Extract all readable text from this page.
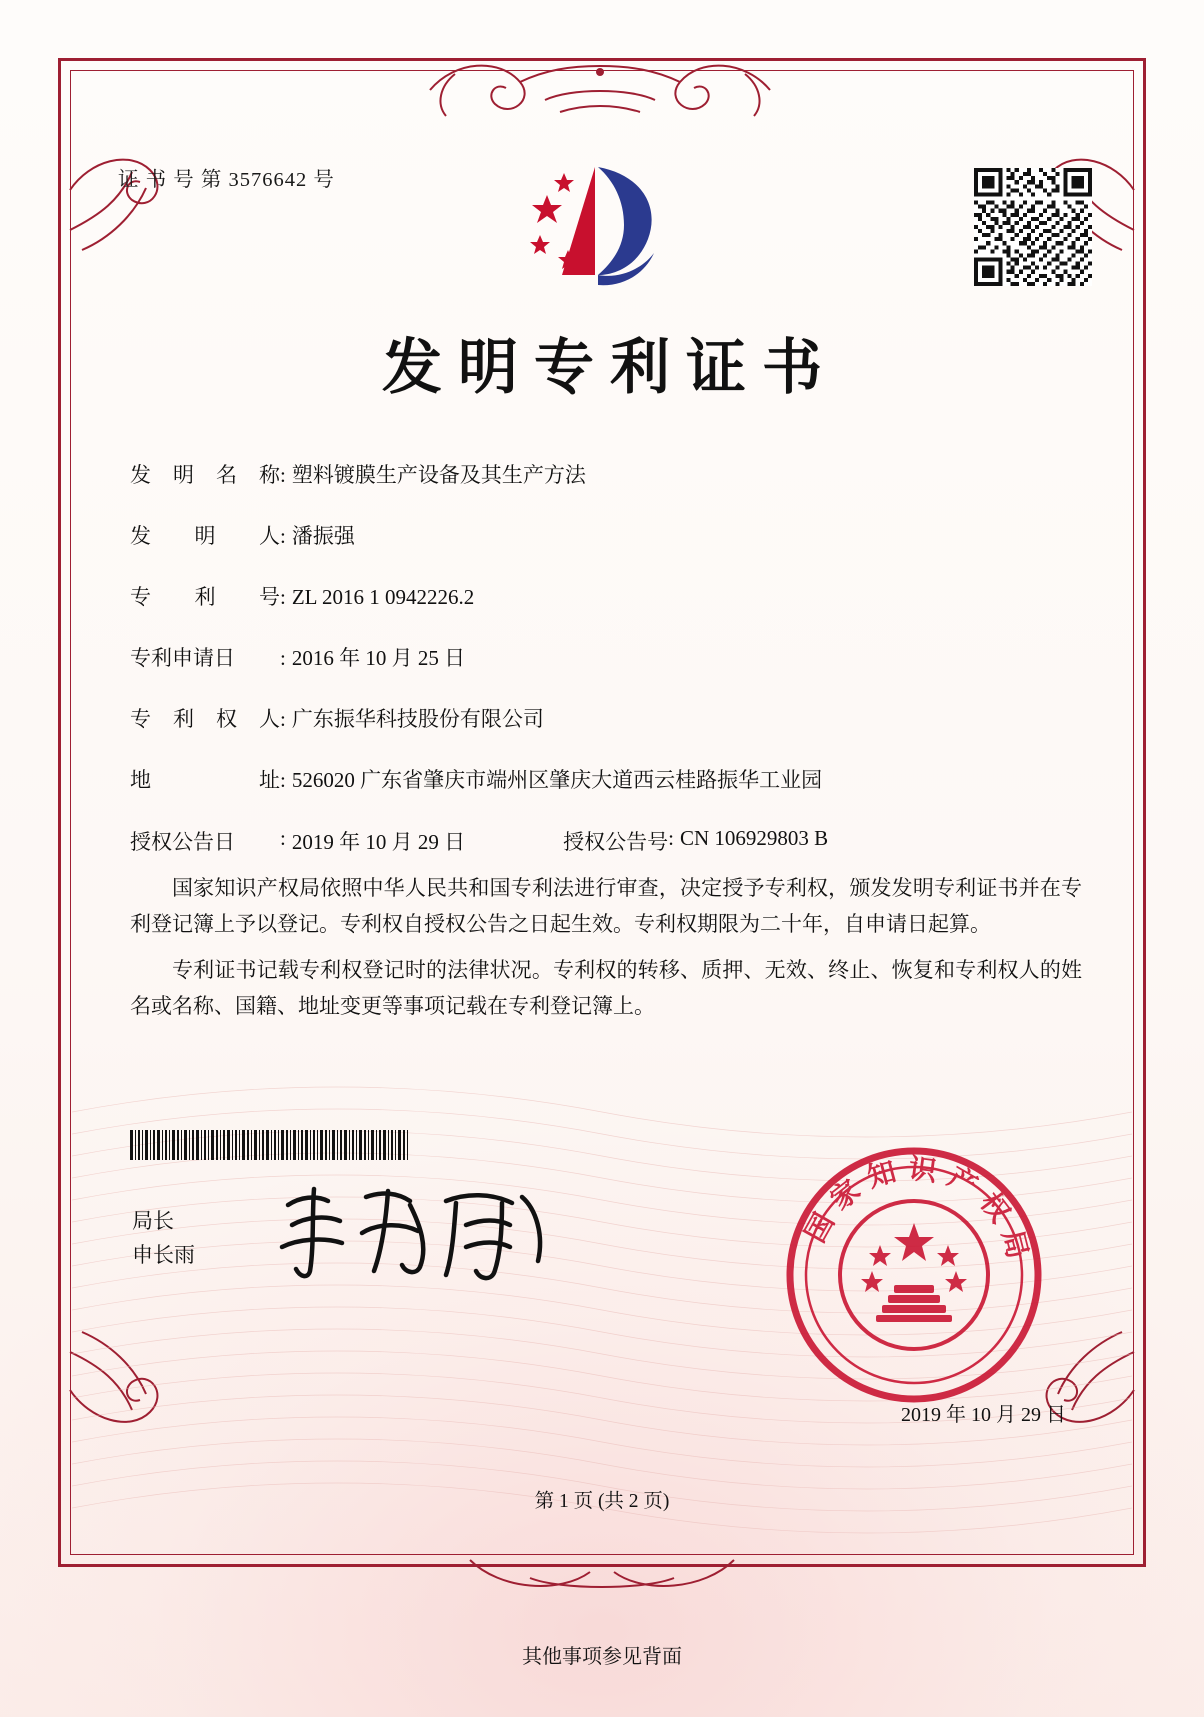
证 书 号 第 3576642 号
发明专利证书
发 明 名 称 : 塑料镀膜生产设备及其生产方法
发 明 人 : 潘振强
专 利 号 : ZL 2016 1 0942226.2
专利申请日	: 2016 年 10 月 25 日
专 利 权 人 : 广东振华科技股份有限公司
地	址 : 526020 广东省肇庆市端州区肇庆大道西云桂路振华工业园
授权公告日	: 2019 年 10 月 29 日	授权公告号 : CN 106929803 B

国家知识产权局依照中华人民共和国专利法进行审查，决定授予专利权，颁发发明专利证书并在专利登记簿上予以登记。专利权自授权公告之日起生效。专利权期限为二十年，自申请日起算。

专利证书记载专利权登记时的法律状况。专利权的转移、质押、无效、终止、恢复和专利权人的姓名或名称、国籍、地址变更等事项记载在专利登记簿上。

局长
申长雨
国家知识产权局
2019 年 10 月 29 日
第 1 页 (共 2 页)
其他事项参见背面
